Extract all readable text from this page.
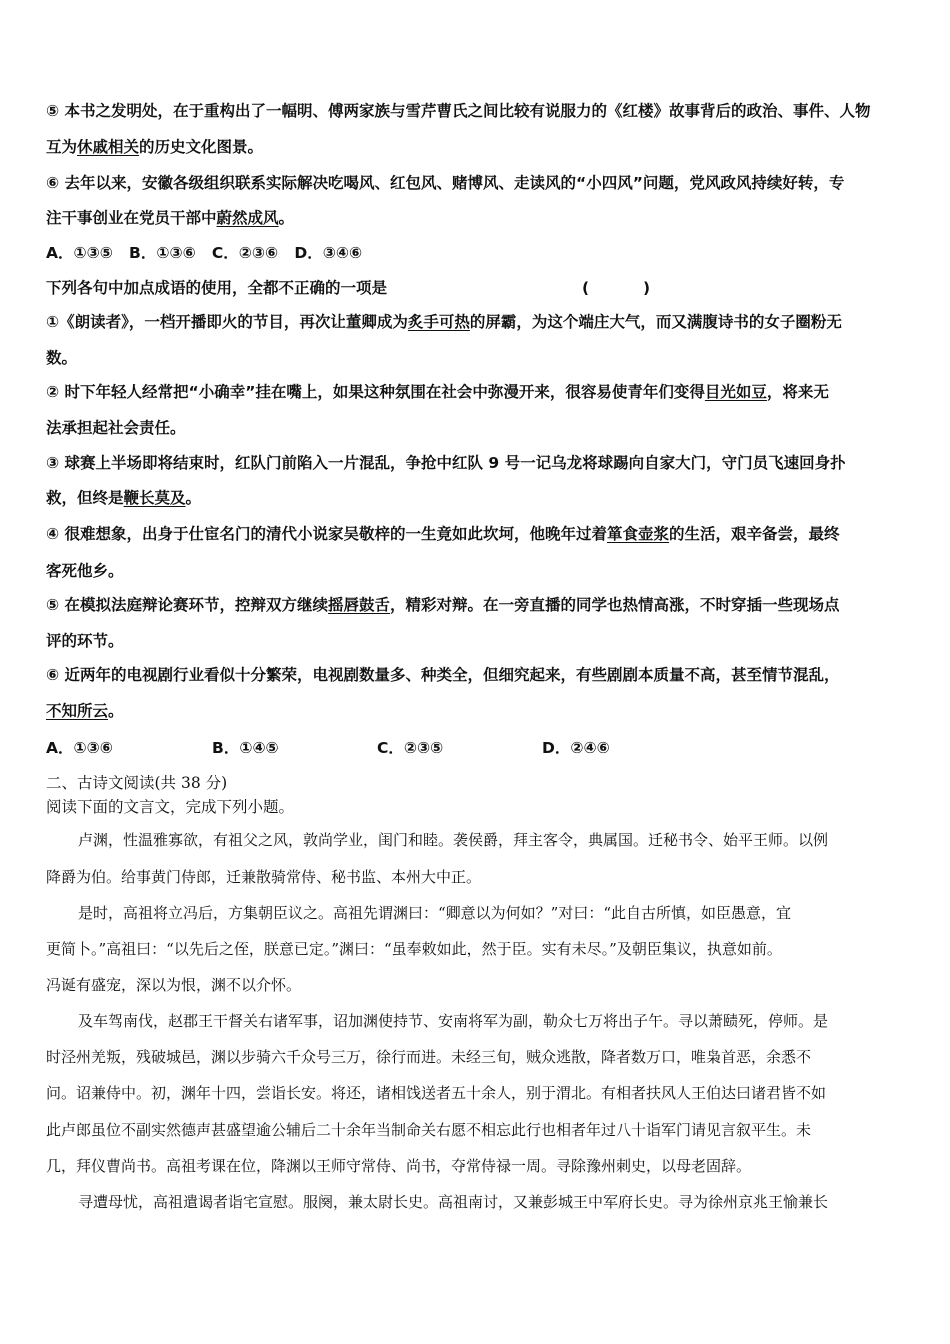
⑤ 本书之发明处，在于重构出了一幅明、傅两家族与雪芹曹氏之间比较有说服力的《红楼》故事背后的政治、事件、人物

互为休戚相关的历史文化图景。

⑥ 去年以来，安徽各级组织联系实际解决吃喝风、红包风、赌博风、走读风的“小四风”问题，党风政风持续好转，专

注干事创业在党员干部中蔚然成风。

A．①③⑤   B．①③⑥   C．②③⑥   D．③④⑥

下列各句中加点成语的使用，全都不正确的一项是	(          )

①《朗读者》，一档开播即火的节目，再次让董卿成为炙手可热的屏霸，为这个端庄大气，而又满腹诗书的女子圈粉无

数。

② 时下年轻人经常把“小确幸”挂在嘴上，如果这种氛围在社会中弥漫开来，很容易使青年们变得目光如豆，将来无

法承担起社会责任。

③ 球赛上半场即将结束时，红队门前陷入一片混乱，争抢中红队 9 号一记乌龙将球踢向自家大门，守门员飞速回身扑

救，但终是鞭长莫及。

④ 很难想象，出身于仕宦名门的清代小说家吴敬梓的一生竟如此坎坷，他晚年过着箪食壶浆的生活，艰辛备尝，最终

客死他乡。

⑤ 在模拟法庭辩论赛环节，控辩双方继续摇唇鼓舌，精彩对辩。在一旁直播的同学也热情高涨，不时穿插一些现场点

评的环节。

⑥ 近两年的电视剧行业看似十分繁荣，电视剧数量多、种类全，但细究起来，有些剧剧本质量不高，甚至情节混乱，

不知所云。

A．①③⑥	B．①④⑤	C．②③⑤	D．②④⑥

二、古诗文阅读(共 38 分)

阅读下面的文言文，完成下列小题。

卢渊，性温雅寡欲，有祖父之风，敦尚学业，闺门和睦。袭侯爵，拜主客令，典属国。迁秘书令、始平王师。以例

降爵为伯。给事黄门侍郎，迁兼散骑常侍、秘书监、本州大中正。

是时，高祖将立冯后，方集朝臣议之。高祖先谓渊曰：“卿意以为何如？”对曰：“此自古所慎，如臣愚意，宜

更简卜。”高祖曰：“以先后之侄，朕意已定。”渊曰：“虽奉敕如此，然于臣。实有未尽。”及朝臣集议，执意如前。

冯诞有盛宠，深以为恨，渊不以介怀。

及车驾南伐，赵郡王干督关右诸军事，诏加渊使持节、安南将军为副，勒众七万将出子午。寻以萧赜死，停师。是

时泾州羌叛，残破城邑，渊以步骑六千众号三万，徐行而进。未经三旬，贼众逃散，降者数万口，唯枭首恶，余悉不

问。诏兼侍中。初，渊年十四，尝诣长安。将还，诸相饯送者五十余人，别于渭北。有相者扶风人王伯达曰诸君皆不如

此卢郎虽位不副实然德声甚盛望逾公辅后二十余年当制命关右愿不相忘此行也相者年过八十诣军门请见言叙平生。未

几，拜仪曹尚书。高祖考课在位，降渊以王师守常侍、尚书，夺常侍禄一周。寻除豫州刺史，以母老固辞。

寻遭母忧，高祖遣谒者诣宅宣慰。服阕，兼太尉长史。高祖南讨，又兼彭城王中军府长史。寻为徐州京兆王愉兼长
